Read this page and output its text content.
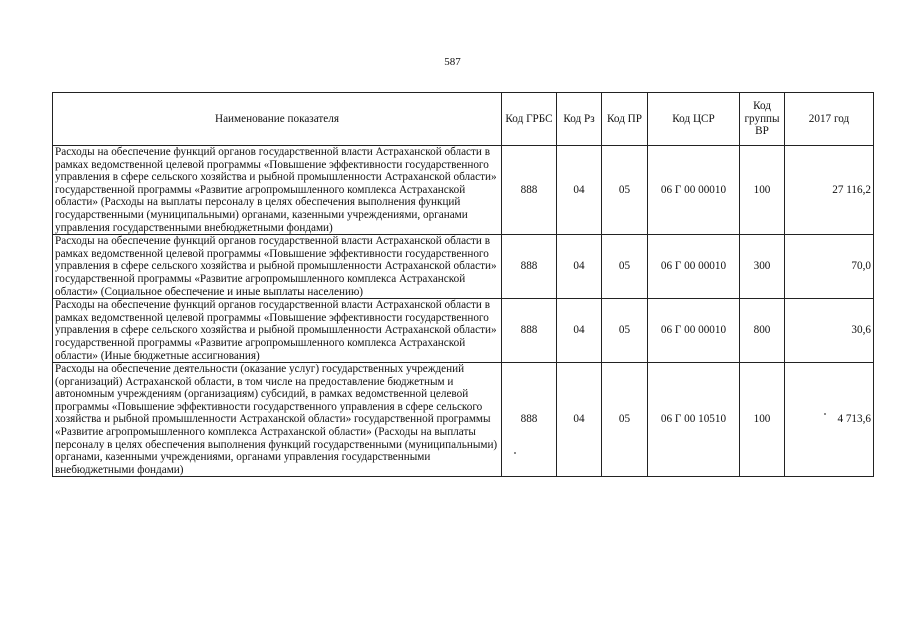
587
Наименование показателя	Код ГРБС	Код Рз	Код ПР	Код ЦСР	Код группы ВР	2017 год
Расходы на обеспечение функций органов государственной власти Астраханской области в рамках ведомственной целевой программы «Повышение эффективности государственного управления в сфере сельского хозяйства и рыбной промышленности Астраханской области» государственной программы «Развитие агропромышленного комплекса Астраханской области» (Расходы на выплаты персоналу в целях обеспечения выполнения функций государственными (муниципальными) органами, казенными учреждениями, органами управления государственными внебюджетными фондами)	888	04	05	06 Г 00 00010	100	27 116,2
Расходы на обеспечение функций органов государственной власти Астраханской области в рамках ведомственной целевой программы «Повышение эффективности государственного управления в сфере сельского хозяйства и рыбной промышленности Астраханской области» государственной программы «Развитие агропромышленного комплекса Астраханской области» (Социальное обеспечение и иные выплаты населению)	888	04	05	06 Г 00 00010	300	70,0
Расходы на обеспечение функций органов государственной власти Астраханской области в рамках ведомственной целевой программы «Повышение эффективности государственного управления в сфере сельского хозяйства и рыбной промышленности Астраханской области» государственной программы «Развитие агропромышленного комплекса Астраханской области» (Иные бюджетные ассигнования)	888	04	05	06 Г 00 00010	800	30,6
Расходы на обеспечение деятельности (оказание услуг) государственных учреждений (организаций) Астраханской области, в том числе на предоставление бюджетным и автономным учреждениям (организациям) субсидий, в рамках ведомственной целевой программы «Повышение эффективности государственного управления в сфере сельского хозяйства и рыбной промышленности Астраханской области» государственной программы «Развитие агропромышленного комплекса Астраханской области» (Расходы на выплаты персоналу в целях обеспечения выполнения функций государственными (муниципальными) органами, казенными учреждениями, органами управления государственными внебюджетными фондами)	888	04	05	06 Г 00 10510	100	4 713,6
